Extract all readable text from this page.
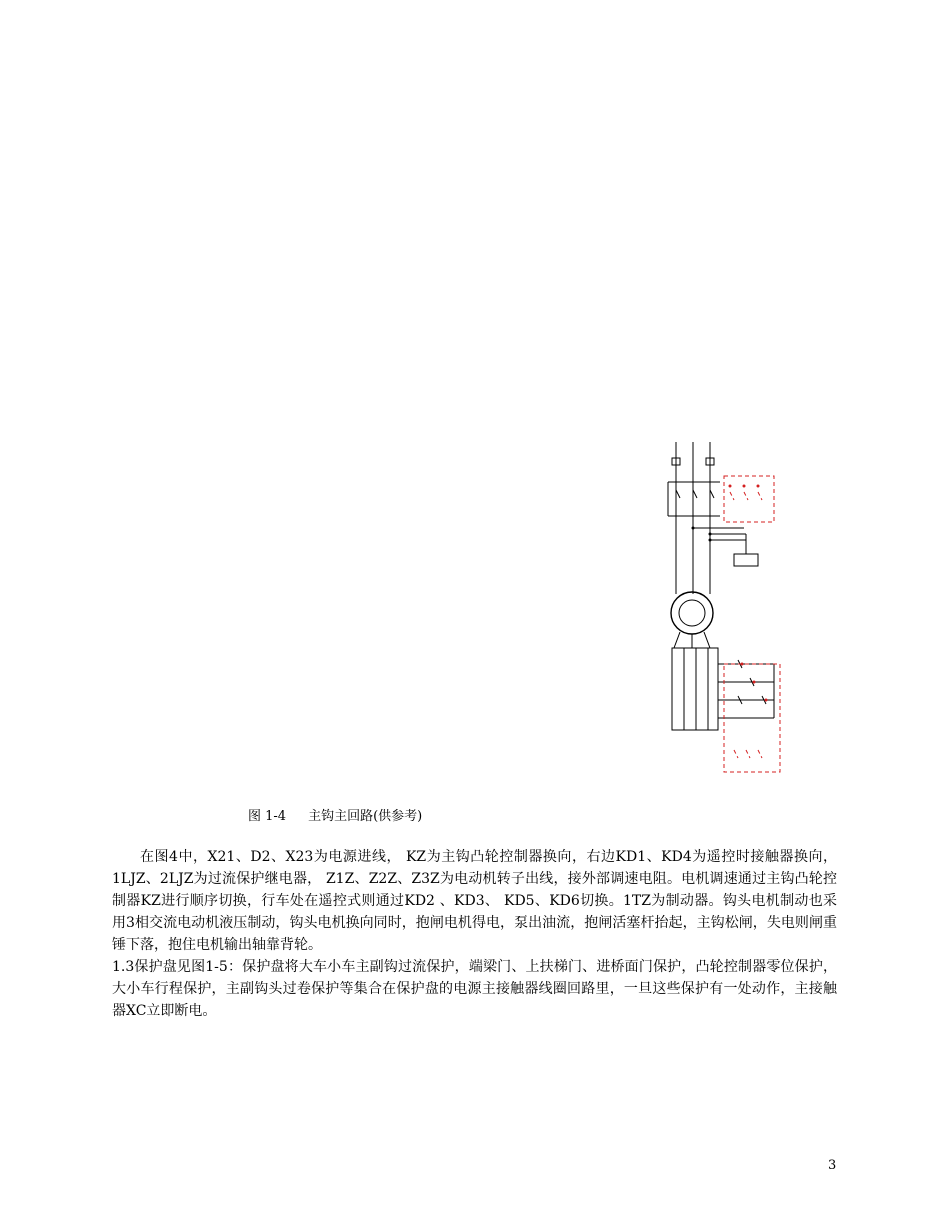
图 1-4 主钩主回路(供参考)

在图4中，X21、D2、X23为电源进线， KZ为主钩凸轮控制器换向，右边KD1、KD4为遥控时接触器换向，1LJZ、2LJZ为过流保护继电器， Z1Z、Z2Z、Z3Z为电动机转子出线，接外部调速电阻。电机调速通过主钩凸轮控制器KZ进行顺序切换，行车处在遥控式则通过KD2 、KD3、 KD5、KD6切换。1TZ为制动器。钩头电机制动也采用3相交流电动机液压制动，钩头电机换向同时，抱闸电机得电，泵出油流，抱闸活塞杆抬起，主钩松闸，失电则闸重锤下落，抱住电机输出轴靠背轮。

1.3保护盘见图1-5：保护盘将大车小车主副钩过流保护，端梁门、上扶梯门、进桥面门保护，凸轮控制器零位保护，大小车行程保护，主副钩头过卷保护等集合在保护盘的电源主接触器线圈回路里，一旦这些保护有一处动作，主接触器XC立即断电。

3
